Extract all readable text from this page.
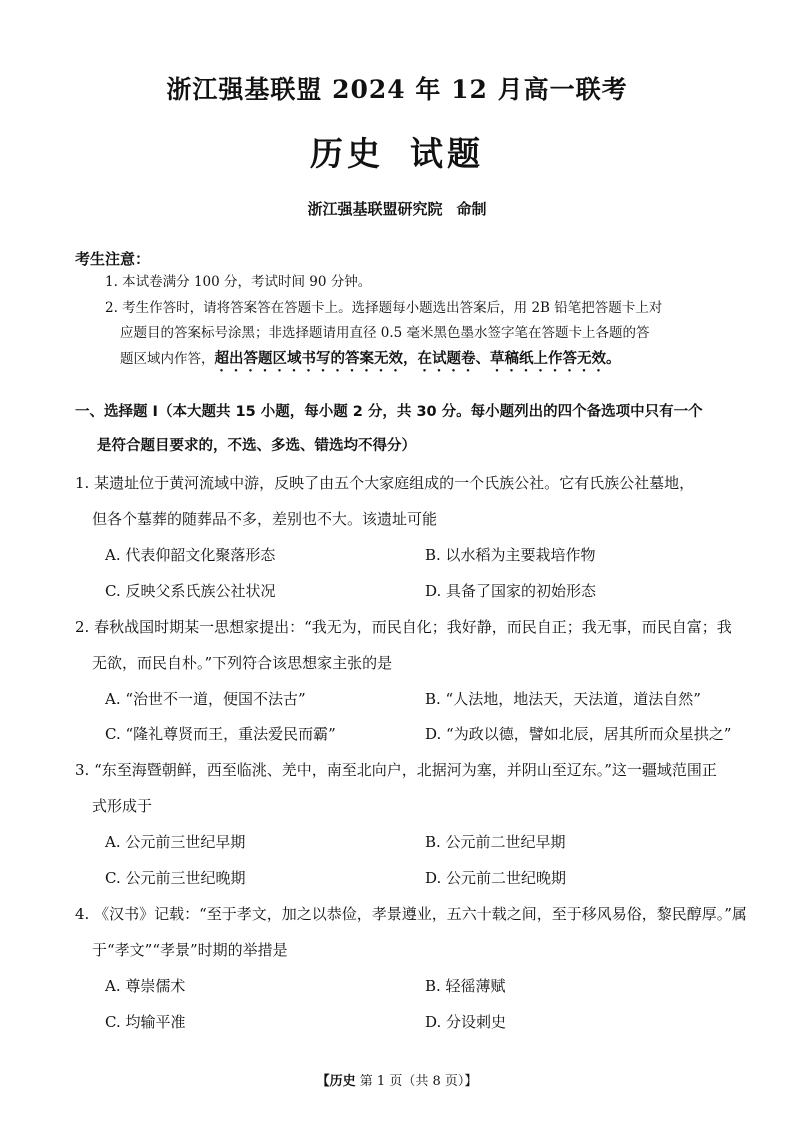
浙江强基联盟 2024 年 12 月高一联考
历史 试题
浙江强基联盟研究院 命制
考生注意：
1. 本试卷满分 100 分，考试时间 90 分钟。
2. 考生作答时，请将答案答在答题卡上。选择题每小题选出答案后，用 2B 铅笔把答题卡上对
应题目的答案标号涂黑；非选择题请用直径 0.5 毫米黑色墨水签字笔在答题卡上各题的答
题区域内作答，超出答题区域书写的答案无效，在试题卷、草稿纸上作答无效。
一、选择题 Ⅰ（本大题共 15 小题，每小题 2 分，共 30 分。每小题列出的四个备选项中只有一个
是符合题目要求的，不选、多选、错选均不得分）
1. 某遗址位于黄河流域中游，反映了由五个大家庭组成的一个氏族公社。它有氏族公社墓地，
但各个墓葬的随葬品不多，差别也不大。该遗址可能
A. 代表仰韶文化聚落形态	B. 以水稻为主要栽培作物
C. 反映父系氏族公社状况	D. 具备了国家的初始形态
2. 春秋战国时期某一思想家提出：“我无为，而民自化；我好静，而民自正；我无事，而民自富；我
无欲，而民自朴。”下列符合该思想家主张的是
A. “治世不一道，便国不法古”	B. “人法地，地法天，天法道，道法自然”
C. “隆礼尊贤而王，重法爱民而霸”	D. “为政以德，譬如北辰，居其所而众星拱之”
3. “东至海暨朝鲜，西至临洮、羌中，南至北向户，北据河为塞，并阴山至辽东。”这一疆域范围正
式形成于
A. 公元前三世纪早期	B. 公元前二世纪早期
C. 公元前三世纪晚期	D. 公元前二世纪晚期
4. 《汉书》记载：“至于孝文，加之以恭俭，孝景遵业，五六十载之间，至于移风易俗，黎民醇厚。”属
于“孝文”“孝景”时期的举措是
A. 尊崇儒术	B. 轻徭薄赋
C. 均输平准	D. 分设刺史
【历史 第 1 页（共 8 页）】
